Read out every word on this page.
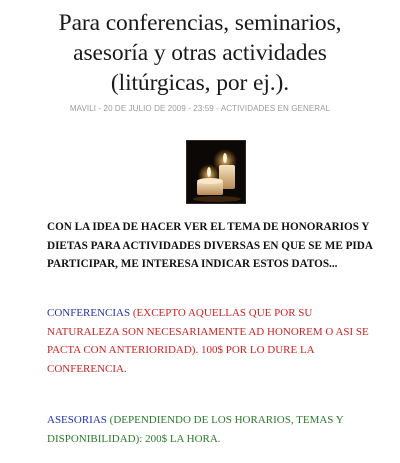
Para conferencias, seminarios, asesoría y otras actividades (litúrgicas, por ej.).
MAVILI - 20 DE JULIO DE 2009 - 23:59 - ACTIVIDADES EN GENERAL

CON LA IDEA DE HACER VER EL TEMA DE HONORARIOS Y DIETAS PARA ACTIVIDADES DIVERSAS EN QUE SE ME PIDA PARTICIPAR, ME INTERESA INDICAR ESTOS DATOS...

CONFERENCIAS (EXCEPTO AQUELLAS QUE POR SU NATURALEZA SON NECESARIAMENTE AD HONOREM O ASI SE PACTA CON ANTERIORIDAD). 100$ POR LO DURE LA CONFERENCIA.

ASESORIAS (DEPENDIENDO DE LOS HORARIOS, TEMAS Y DISPONIBILIDAD): 200$ LA HORA.
